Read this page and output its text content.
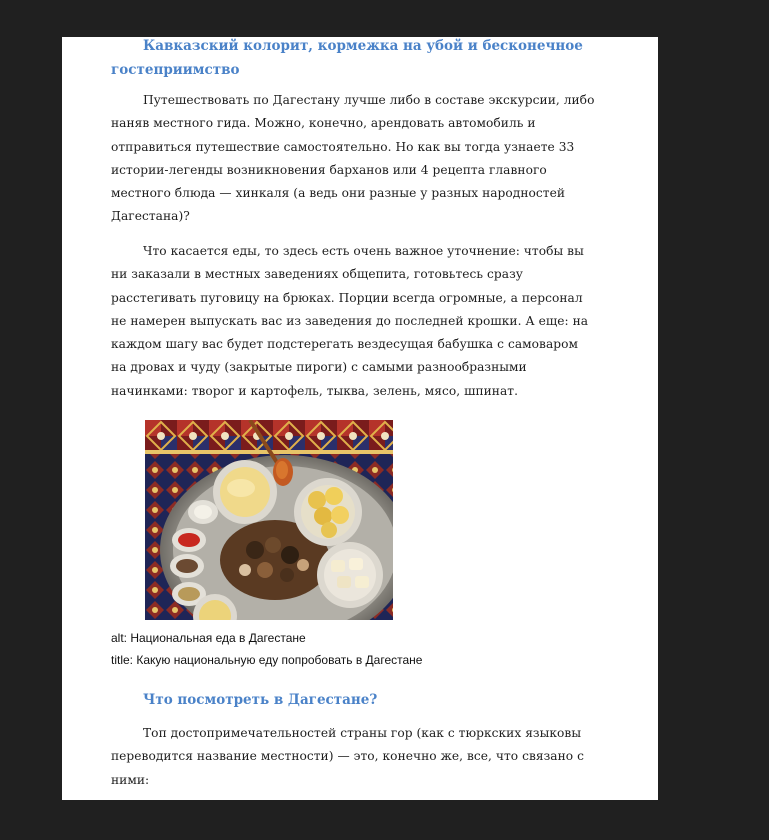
Кавказский колорит, кормежка на убой и бесконечное
гостеприимство
Путешествовать по Дагестану лучше либо в составе экскурсии, либо
наняв местного гида. Можно, конечно, арендовать автомобиль и
отправиться путешествие самостоятельно. Но как вы тогда узнаете 33
истории-легенды возникновения барханов или 4 рецепта главного
местного блюда — хинкаля (а ведь они разные у разных народностей
Дагестана)?
Что касается еды, то здесь есть очень важное уточнение: чтобы вы
ни заказали в местных заведениях общепита, готовьтесь сразу
расстегивать пуговицу на брюках. Порции всегда огромные, а персонал
не намерен выпускать вас из заведения до последней крошки. А еще: на
каждом шагу вас будет подстерегать вездесущая бабушка с самоваром
на дровах и чуду (закрытые пироги) с самыми разнообразными
начинками: творог и картофель, тыква, зелень, мясо, шпинат.
Что посмотреть в Дагестане?
Топ достопримечательностей страны гор (как с тюркских языковы
переводится название местности) — это, конечно же, все, что связано с
ними:
alt: Национальная еда в Дагестане
title: Какую национальную еду попробовать в Дагестане
